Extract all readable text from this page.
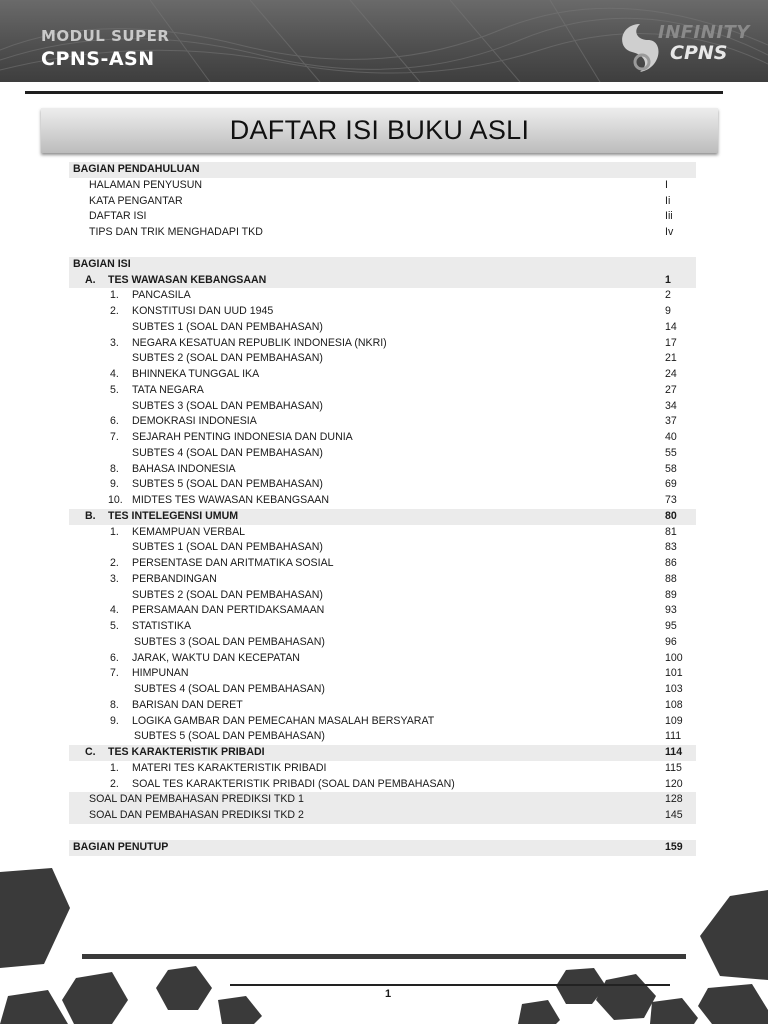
MODUL SUPER
CPNS-ASN
INFINITY
CPNS
DAFTAR ISI BUKU ASLI
BAGIAN PENDAHULUAN
HALAMAN PENYUSUN	I
KATA PENGANTAR	Ii
DAFTAR ISI	Iii
TIPS DAN TRIK MENGHADAPI TKD	Iv
BAGIAN ISI
A. TES WAWASAN KEBANGSAAN	1
1. PANCASILA	2
2. KONSTITUSI DAN UUD 1945	9
SUBTES 1 (SOAL DAN PEMBAHASAN)	14
3. NEGARA KESATUAN REPUBLIK INDONESIA (NKRI)	17
SUBTES 2 (SOAL DAN PEMBAHASAN)	21
4. BHINNEKA TUNGGAL IKA	24
5. TATA NEGARA	27
SUBTES 3 (SOAL DAN PEMBAHASAN)	34
6. DEMOKRASI INDONESIA	37
7. SEJARAH PENTING INDONESIA DAN DUNIA	40
SUBTES 4 (SOAL DAN PEMBAHASAN)	55
8. BAHASA INDONESIA	58
9. SUBTES 5 (SOAL DAN PEMBAHASAN)	69
10. MIDTES TES WAWASAN KEBANGSAAN	73
B. TES INTELEGENSI UMUM	80
1. KEMAMPUAN VERBAL	81
SUBTES 1 (SOAL DAN PEMBAHASAN)	83
2. PERSENTASE DAN ARITMATIKA SOSIAL	86
3. PERBANDINGAN	88
SUBTES 2 (SOAL DAN PEMBAHASAN)	89
4. PERSAMAAN DAN PERTIDAKSAMAAN	93
5. STATISTIKA	95
SUBTES 3 (SOAL DAN PEMBAHASAN)	96
6. JARAK, WAKTU DAN KECEPATAN	100
7. HIMPUNAN	101
SUBTES 4 (SOAL DAN PEMBAHASAN)	103
8. BARISAN DAN DERET	108
9. LOGIKA GAMBAR DAN PEMECAHAN MASALAH BERSYARAT	109
SUBTES 5 (SOAL DAN PEMBAHASAN)	111
C. TES KARAKTERISTIK PRIBADI	114
1. MATERI TES KARAKTERISTIK PRIBADI	115
2. SOAL TES KARAKTERISTIK PRIBADI (SOAL DAN PEMBAHASAN)	120
SOAL DAN PEMBAHASAN PREDIKSI TKD 1	128
SOAL DAN PEMBAHASAN PREDIKSI TKD 2	145
BAGIAN PENUTUP	159
1
